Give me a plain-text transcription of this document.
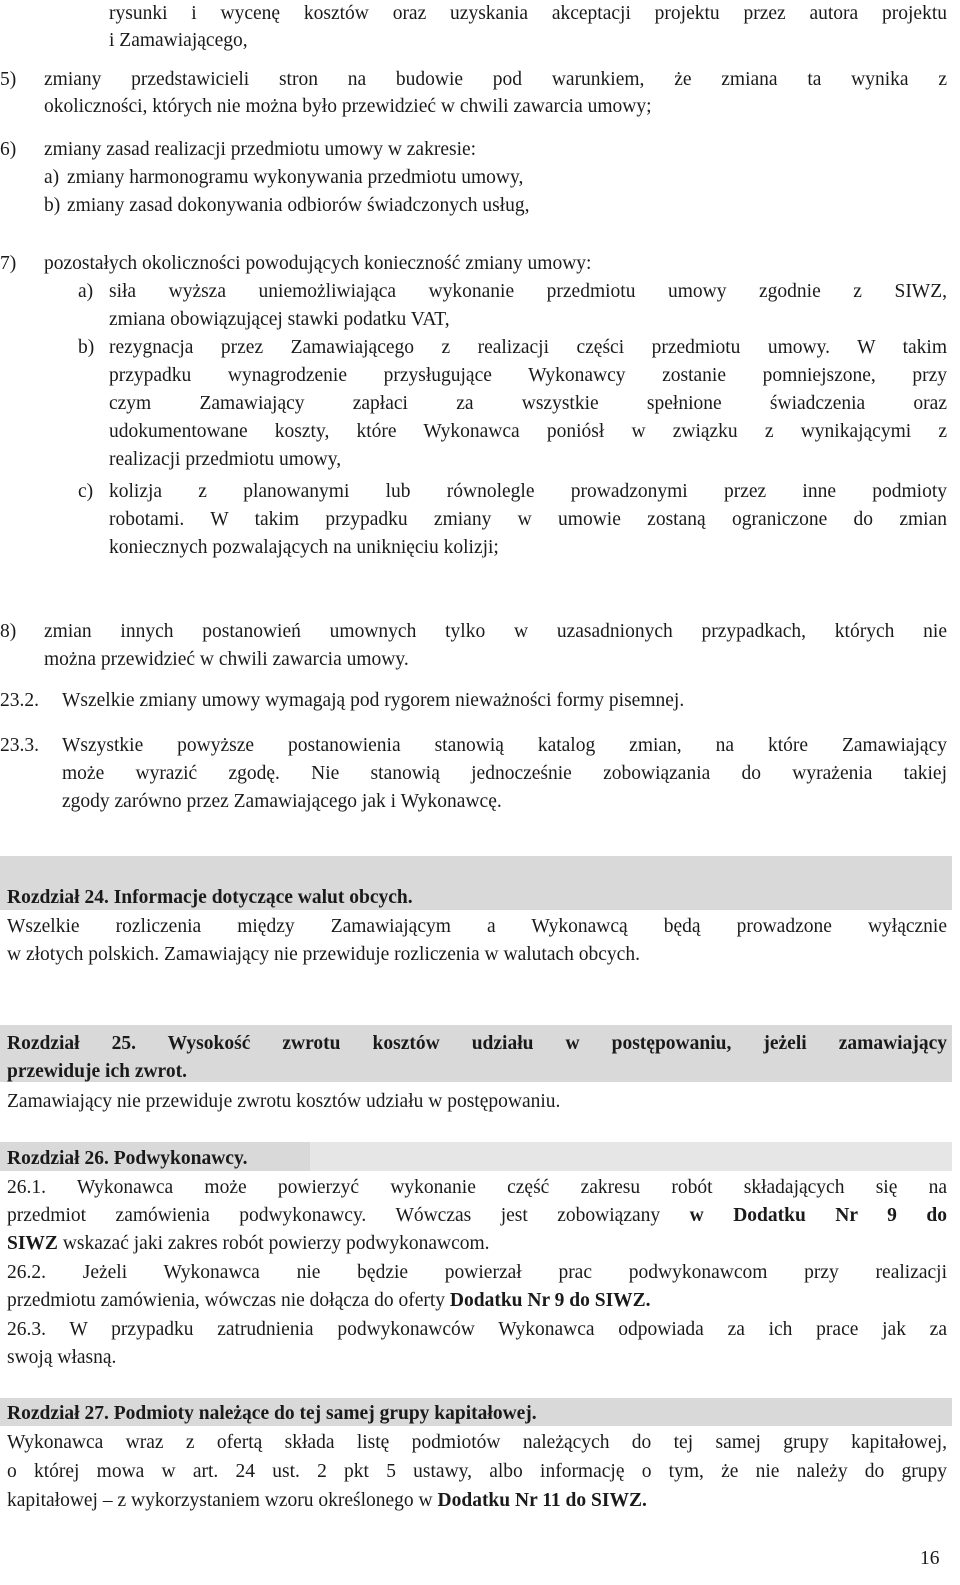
rysunki i wycenę kosztów oraz uzyskania akceptacji projektu przez autora projektu
i Zamawiającego,
5) zmiany przedstawicieli stron na budowie pod warunkiem, że zmiana ta wynika z
okoliczności, których nie można było przewidzieć w chwili zawarcia umowy;
6) zmiany zasad realizacji przedmiotu umowy w zakresie:
a) zmiany harmonogramu wykonywania przedmiotu umowy,
b) zmiany zasad dokonywania odbiorów świadczonych usług,
7) pozostałych okoliczności powodujących konieczność zmiany umowy:
a) siła wyższa uniemożliwiająca wykonanie przedmiotu umowy zgodnie z SIWZ,
zmiana obowiązującej stawki podatku VAT,
b) rezygnacja przez Zamawiającego z realizacji części przedmiotu umowy. W takim
przypadku wynagrodzenie przysługujące Wykonawcy zostanie pomniejszone, przy
czym Zamawiający zapłaci za wszystkie spełnione świadczenia oraz
udokumentowane koszty, które Wykonawca poniósł w związku z wynikającymi z
realizacji przedmiotu umowy,
c) kolizja z planowanymi lub równolegle prowadzonymi przez inne podmioty
robotami. W takim przypadku zmiany w umowie zostaną ograniczone do zmian
koniecznych pozwalających na uniknięciu kolizji;
8) zmian innych postanowień umownych tylko w uzasadnionych przypadkach, których nie
można przewidzieć w chwili zawarcia umowy.
23.2. Wszelkie zmiany umowy wymagają pod rygorem nieważności formy pisemnej.
23.3. Wszystkie powyższe postanowienia stanowią katalog zmian, na które Zamawiający
może wyrazić zgodę. Nie stanowią jednocześnie zobowiązania do wyrażenia takiej
zgody zarówno przez Zamawiającego jak i Wykonawcę.
Rozdział 24. Informacje dotyczące walut obcych.
Wszelkie rozliczenia między Zamawiającym a Wykonawcą będą prowadzone wyłącznie
w złotych polskich. Zamawiający nie przewiduje rozliczenia w walutach obcych.
Rozdział 25. Wysokość zwrotu kosztów udziału w postępowaniu, jeżeli zamawiający
przewiduje ich zwrot.
Zamawiający nie przewiduje zwrotu kosztów udziału w postępowaniu.
Rozdział 26. Podwykonawcy.
26.1. Wykonawca może powierzyć wykonanie część zakresu robót składających się na
przedmiot zamówienia podwykonawcy. Wówczas jest zobowiązany w Dodatku Nr 9 do
SIWZ wskazać jaki zakres robót powierzy podwykonawcom.
26.2. Jeżeli Wykonawca nie będzie powierzał prac podwykonawcom przy realizacji
przedmiotu zamówienia, wówczas nie dołącza do oferty Dodatku Nr 9 do SIWZ.
26.3. W przypadku zatrudnienia podwykonawców Wykonawca odpowiada za ich prace jak za
swoją własną.
Rozdział 27. Podmioty należące do tej samej grupy kapitałowej.
Wykonawca wraz z ofertą składa listę podmiotów należących do tej samej grupy kapitałowej,
o której mowa w art. 24 ust. 2 pkt 5 ustawy, albo informację o tym, że nie należy do grupy
kapitałowej – z wykorzystaniem wzoru określonego w Dodatku Nr 11 do SIWZ.
16
